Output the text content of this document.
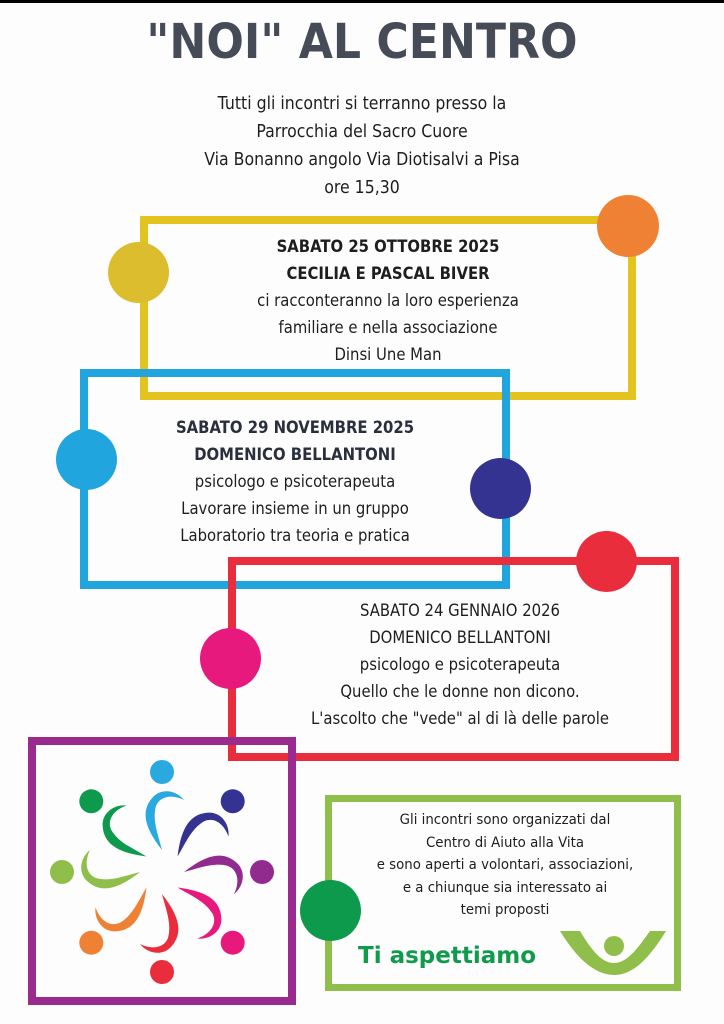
"NOI" AL CENTRO
Tutti gli incontri si terranno presso la
Parrocchia del Sacro Cuore
Via Bonanno angolo Via Diotisalvi a Pisa
ore 15,30
SABATO 25 OTTOBRE 2025
CECILIA E PASCAL BIVER
ci racconteranno la loro esperienza
familiare e nella associazione
Dinsi Une Man
SABATO 29 NOVEMBRE 2025
DOMENICO BELLANTONI
psicologo e psicoterapeuta
Lavorare insieme in un gruppo
Laboratorio tra teoria e pratica
SABATO 24 GENNAIO 2026
DOMENICO BELLANTONI
psicologo e psicoterapeuta
Quello che le donne non dicono.
L'ascolto che "vede" al di là delle parole
Gli incontri sono organizzati dal
Centro di Aiuto alla Vita
e sono aperti a volontari, associazioni,
e a chiunque sia interessato ai
temi proposti
Ti aspettiamo
